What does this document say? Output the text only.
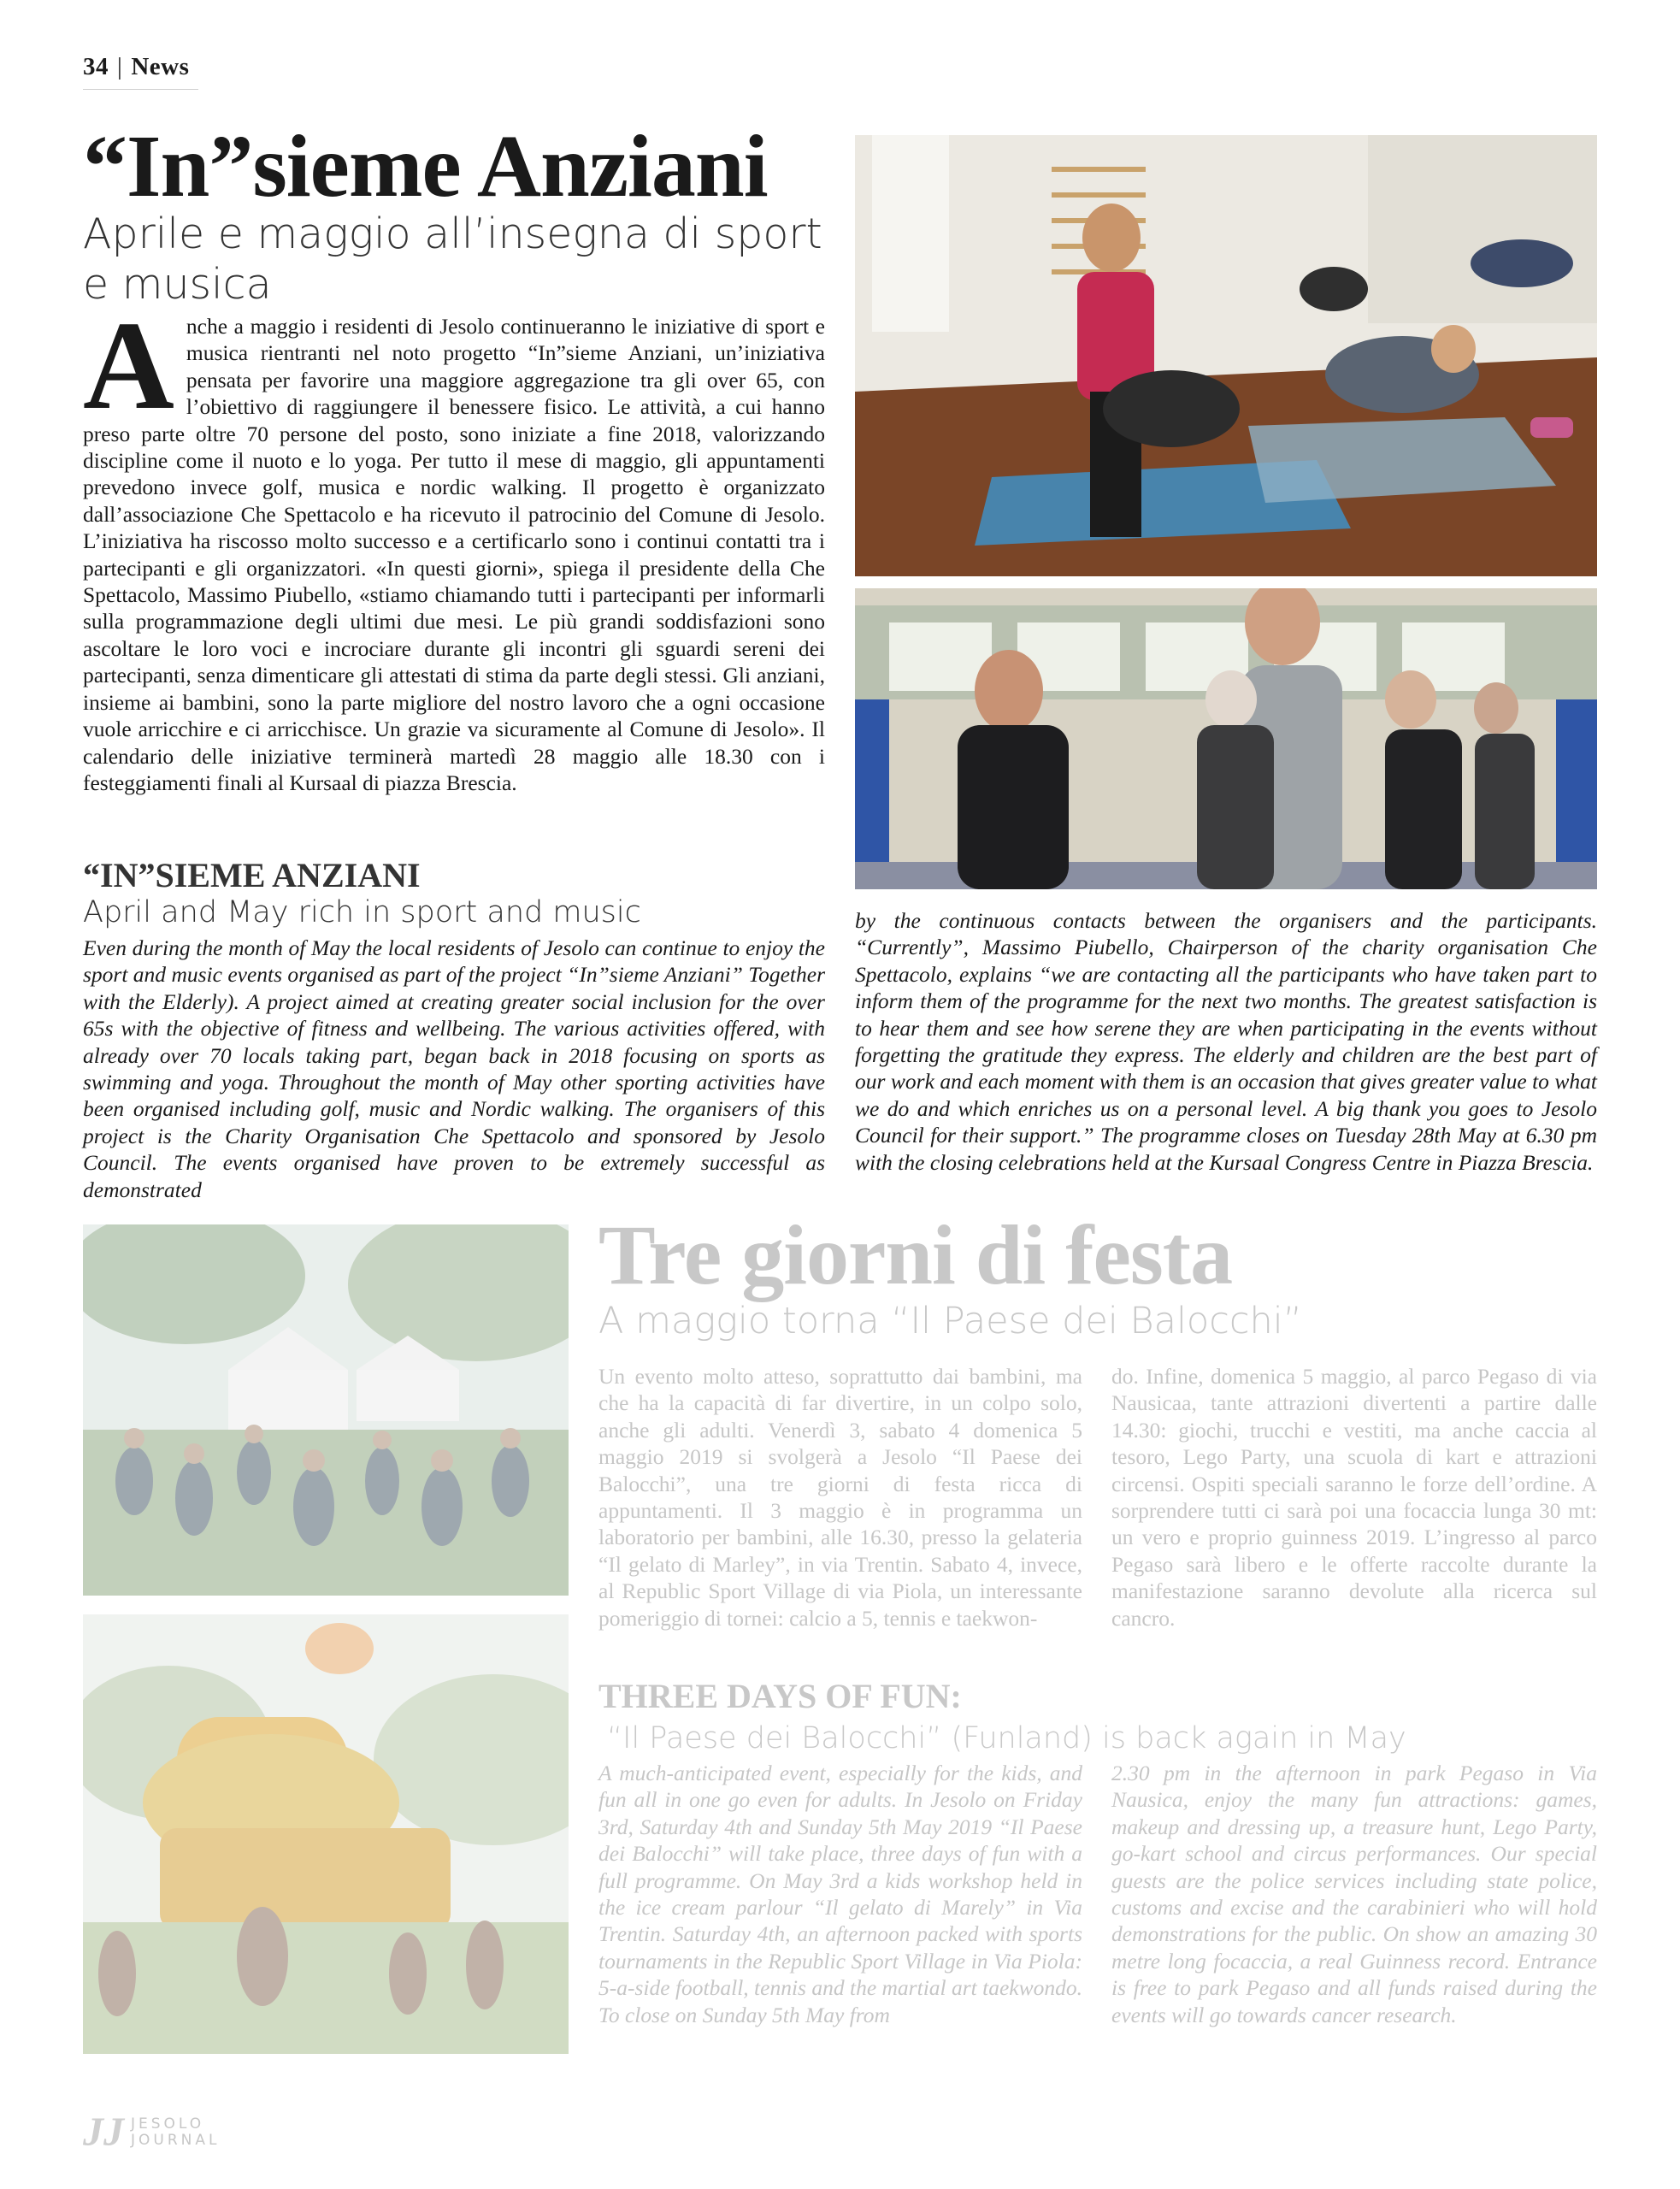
34 | News
“In”sieme Anziani
Aprile e maggio all’insegna di sport e musica
Anche a maggio i residenti di Jesolo continueranno le iniziative di sport e musica rientranti nel noto progetto “In”sieme Anziani, un’iniziativa pensata per favorire una maggiore aggregazione tra gli over 65, con l’obiettivo di raggiungere il benessere fisico. Le attività, a cui hanno preso parte oltre 70 persone del posto, sono iniziate a fine 2018, valorizzando discipline come il nuoto e lo yoga. Per tutto il mese di maggio, gli appuntamenti prevedono invece golf, musica e nordic walking. Il progetto è organizzato dall’associazione Che Spettacolo e ha ricevuto il patrocinio del Comune di Jesolo. L’iniziativa ha riscosso molto successo e a certificarlo sono i continui contatti tra i partecipanti e gli organizzatori. «In questi giorni», spiega il presidente della Che Spettacolo, Massimo Piubello, «stiamo chiamando tutti i partecipanti per informarli sulla programmazione degli ultimi due mesi. Le più grandi soddisfazioni sono ascoltare le loro voci e incrociare durante gli incontri gli sguardi sereni dei partecipanti, senza dimenticare gli attestati di stima da parte degli stessi. Gli anziani, insieme ai bambini, sono la parte migliore del nostro lavoro che a ogni occasione vuole arricchire e ci arricchisce. Un grazie va sicuramente al Comune di Jesolo». Il calendario delle iniziative terminerà martedì 28 maggio alle 18.30 con i festeggiamenti finali al Kursaal di piazza Brescia.
“IN”SIEME ANZIANI
April and May rich in sport and music
Even during the month of May the local residents of Jesolo can continue to enjoy the sport and music events organised as part of the project “In”sieme Anziani” Together with the Elderly). A project aimed at creating greater social inclusion for the over 65s with the objective of fitness and wellbeing. The various activities offered, with already over 70 locals taking part, began back in 2018 focusing on sports as swimming and yoga. Throughout the month of May other sporting activities have been organised including golf, music and Nordic walking. The organisers of this project is the Charity Organisation Che Spettacolo and sponsored by Jesolo Council. The events organised have proven to be extremely successful as demonstrated
by the continuous contacts between the organisers and the participants. “Currently”, Massimo Piubello, Chairperson of the charity organisation Che Spettacolo, explains “we are contacting all the participants who have taken part to inform them of the programme for the next two months. The greatest satisfaction is to hear them and see how serene they are when participating in the events without forgetting the gratitude they express. The elderly and children are the best part of our work and each moment with them is an occasion that gives greater value to what we do and which enriches us on a personal level. A big thank you goes to Jesolo Council for their support.” The programme closes on Tuesday 28th May at 6.30 pm with the closing celebrations held at the Kursaal Congress Centre in Piazza Brescia.
Tre giorni di festa
A maggio torna “Il Paese dei Balocchi”
Un evento molto atteso, soprattutto dai bambini, ma che ha la capacità di far divertire, in un colpo solo, anche gli adulti. Venerdì 3, sabato 4 domenica 5 maggio 2019 si svolgerà a Jesolo “Il Paese dei Balocchi”, una tre giorni di festa ricca di appuntamenti. Il 3 maggio è in programma un laboratorio per bambini, alle 16.30, presso la gelateria “Il gelato di Marley”, in via Trentin. Sabato 4, invece, al Republic Sport Village di via Piola, un interessante pomeriggio di tornei: calcio a 5, tennis e taekwon-
do. Infine, domenica 5 maggio, al parco Pegaso di via Nausicaa, tante attrazioni divertenti a partire dalle 14.30: giochi, trucchi e vestiti, ma anche caccia al tesoro, Lego Party, una scuola di kart e attrazioni circensi. Ospiti speciali saranno le forze dell’ordine. A sorprendere tutti ci sarà poi una focaccia lunga 30 mt: un vero e proprio guinness 2019. L’ingresso al parco Pegaso sarà libero e le offerte raccolte durante la manifestazione saranno devolute alla ricerca sul cancro.
THREE DAYS OF FUN:
“Il Paese dei Balocchi” (Funland) is back again in May
A much-anticipated event, especially for the kids, and fun all in one go even for adults. In Jesolo on Friday 3rd, Saturday 4th and Sunday 5th May 2019 “Il Paese dei Balocchi” will take place, three days of fun with a full programme. On May 3rd a kids workshop held in the ice cream parlour “Il gelato di Marely” in Via Trentin. Saturday 4th, an afternoon packed with sports tournaments in the Republic Sport Village in Via Piola: 5-a-side football, tennis and the martial art taekwondo. To close on Sunday 5th May from
2.30 pm in the afternoon in park Pegaso in Via Nausica, enjoy the many fun attractions: games, makeup and dressing up, a treasure hunt, Lego Party, go-kart school and circus performances. Our special guests are the police services including state police, customs and excise and the carabinieri who will hold demonstrations for the public. On show an amazing 30 metre long focaccia, a real Guinness record. Entrance is free to park Pegaso and all funds raised during the events will go towards cancer research.
JJ JESOLO
JOURNAL
